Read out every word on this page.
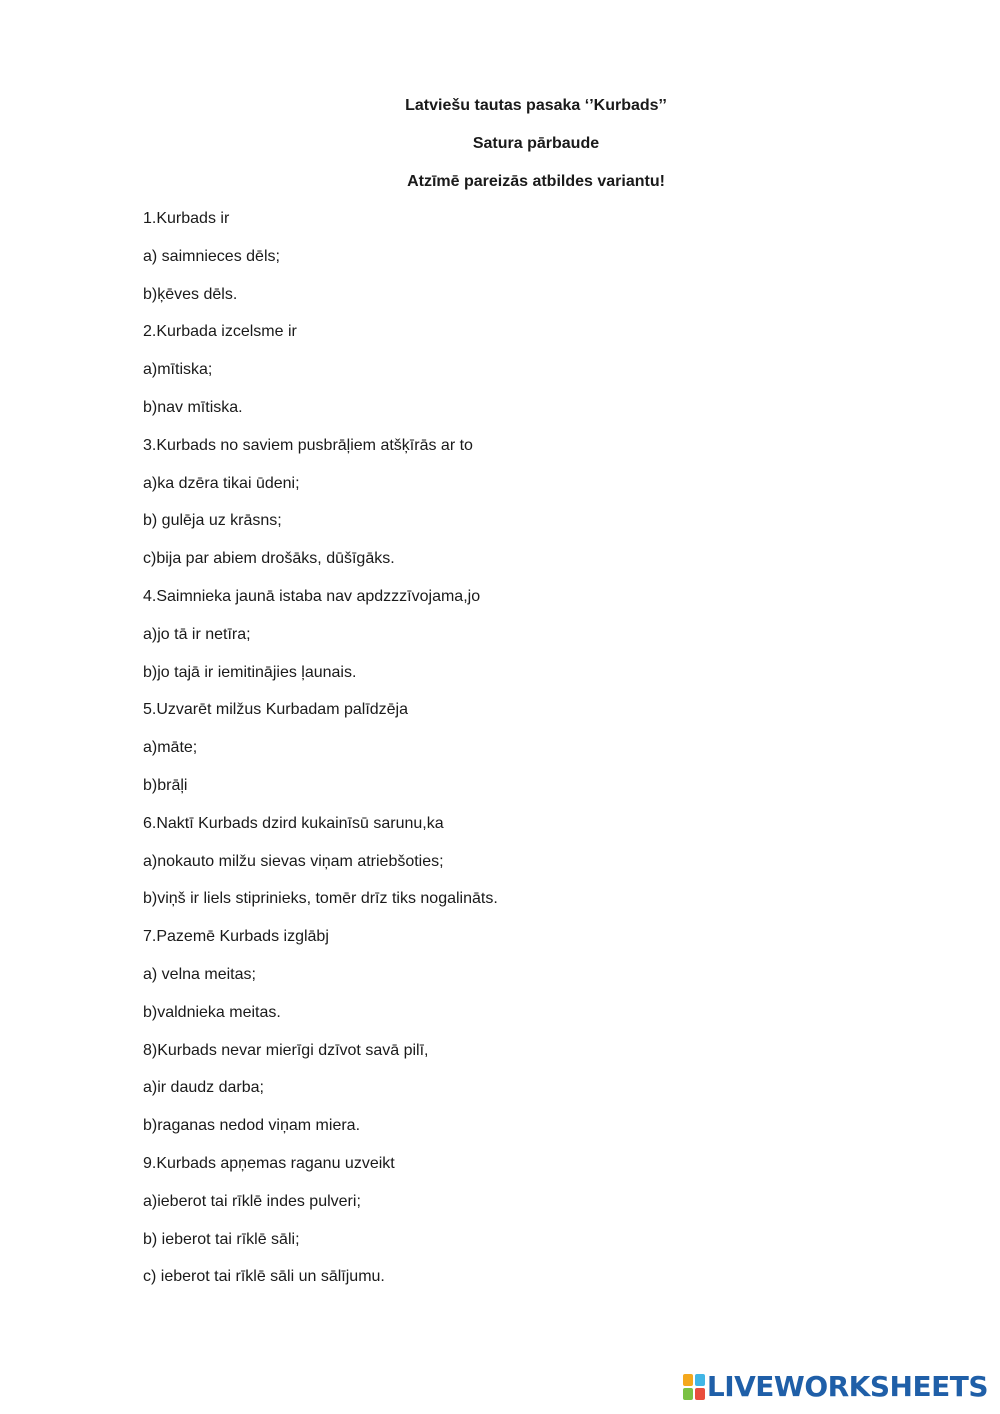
Latviešu tautas pasaka ‘’Kurbads’’

Satura pārbaude

Atzīmē pareizās atbildes variantu!

1.Kurbads ir
a) saimnieces dēls;
b)ķēves dēls.
2.Kurbada izcelsme ir
a)mītiska;
b)nav mītiska.
3.Kurbads no saviem pusbrāļiem atšķīrās ar to
a)ka dzēra tikai ūdeni;
b) gulēja uz krāsns;
c)bija par abiem drošāks, dūšīgāks.
4.Saimnieka jaunā istaba nav apdzzzīvojama,jo
a)jo tā ir netīra;
b)jo tajā ir iemitinājies ļaunais.
5.Uzvarēt milžus Kurbadam palīdzēja
a)māte;
b)brāļi
6.Naktī Kurbads dzird kukainīsū sarunu,ka
a)nokauto milžu sievas viņam atriebšoties;
b)viņš ir liels stiprinieks, tomēr drīz tiks nogalināts.
7.Pazemē Kurbads izglābj
a) velna meitas;
b)valdnieka meitas.
8)Kurbads nevar mierīgi dzīvot savā pilī,
a)ir daudz darba;
b)raganas nedod viņam miera.
9.Kurbads apņemas raganu uzveikt
a)ieberot tai rīklē indes pulveri;
b) ieberot tai rīklē sāli;
c) ieberot tai rīklē sāli un sālījumu.
LIVEWORKSHEETS
